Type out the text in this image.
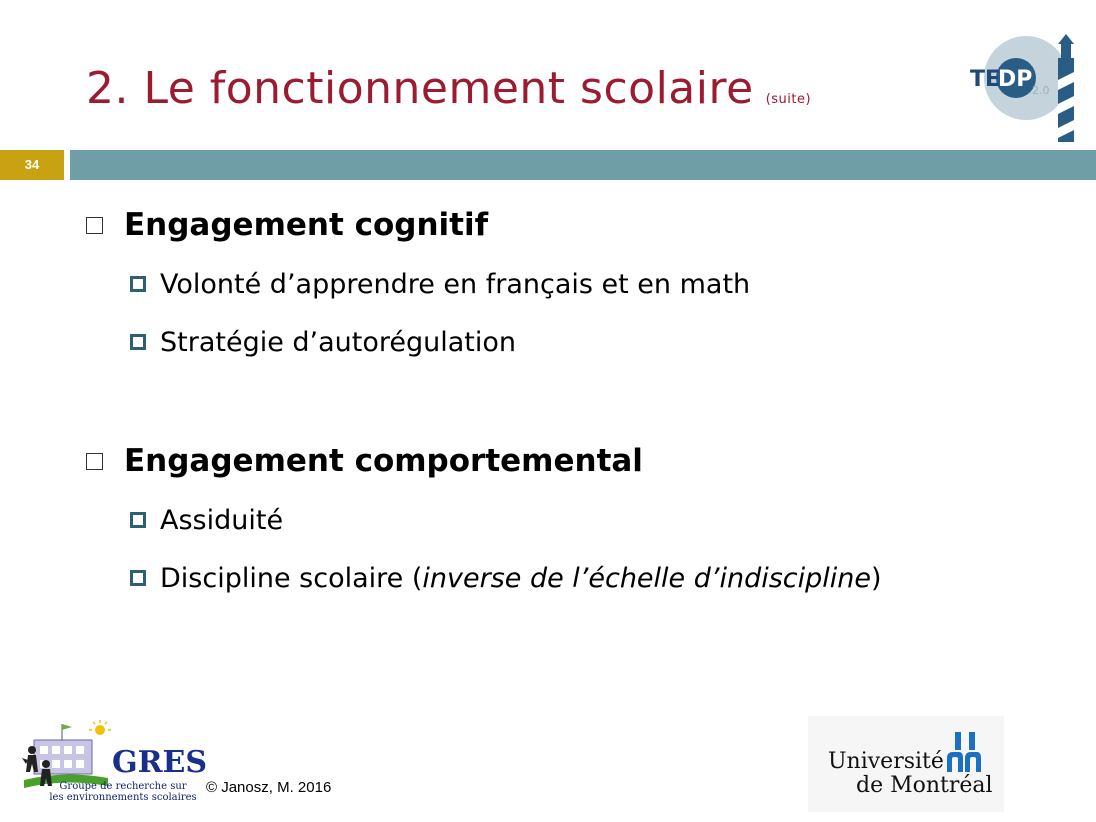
2. Le fonctionnement scolaire (suite)
TE
DP 2.0
34
Engagement cognitif
Volonté d’apprendre en français et en math
Stratégie d’autorégulation
Engagement comportemental
Assiduité
Discipline scolaire (inverse de l’échelle d’indiscipline)
GRES
Groupe de recherche sur
les environnements scolaires
© Janosz, M. 2016
Université
de Montréal
